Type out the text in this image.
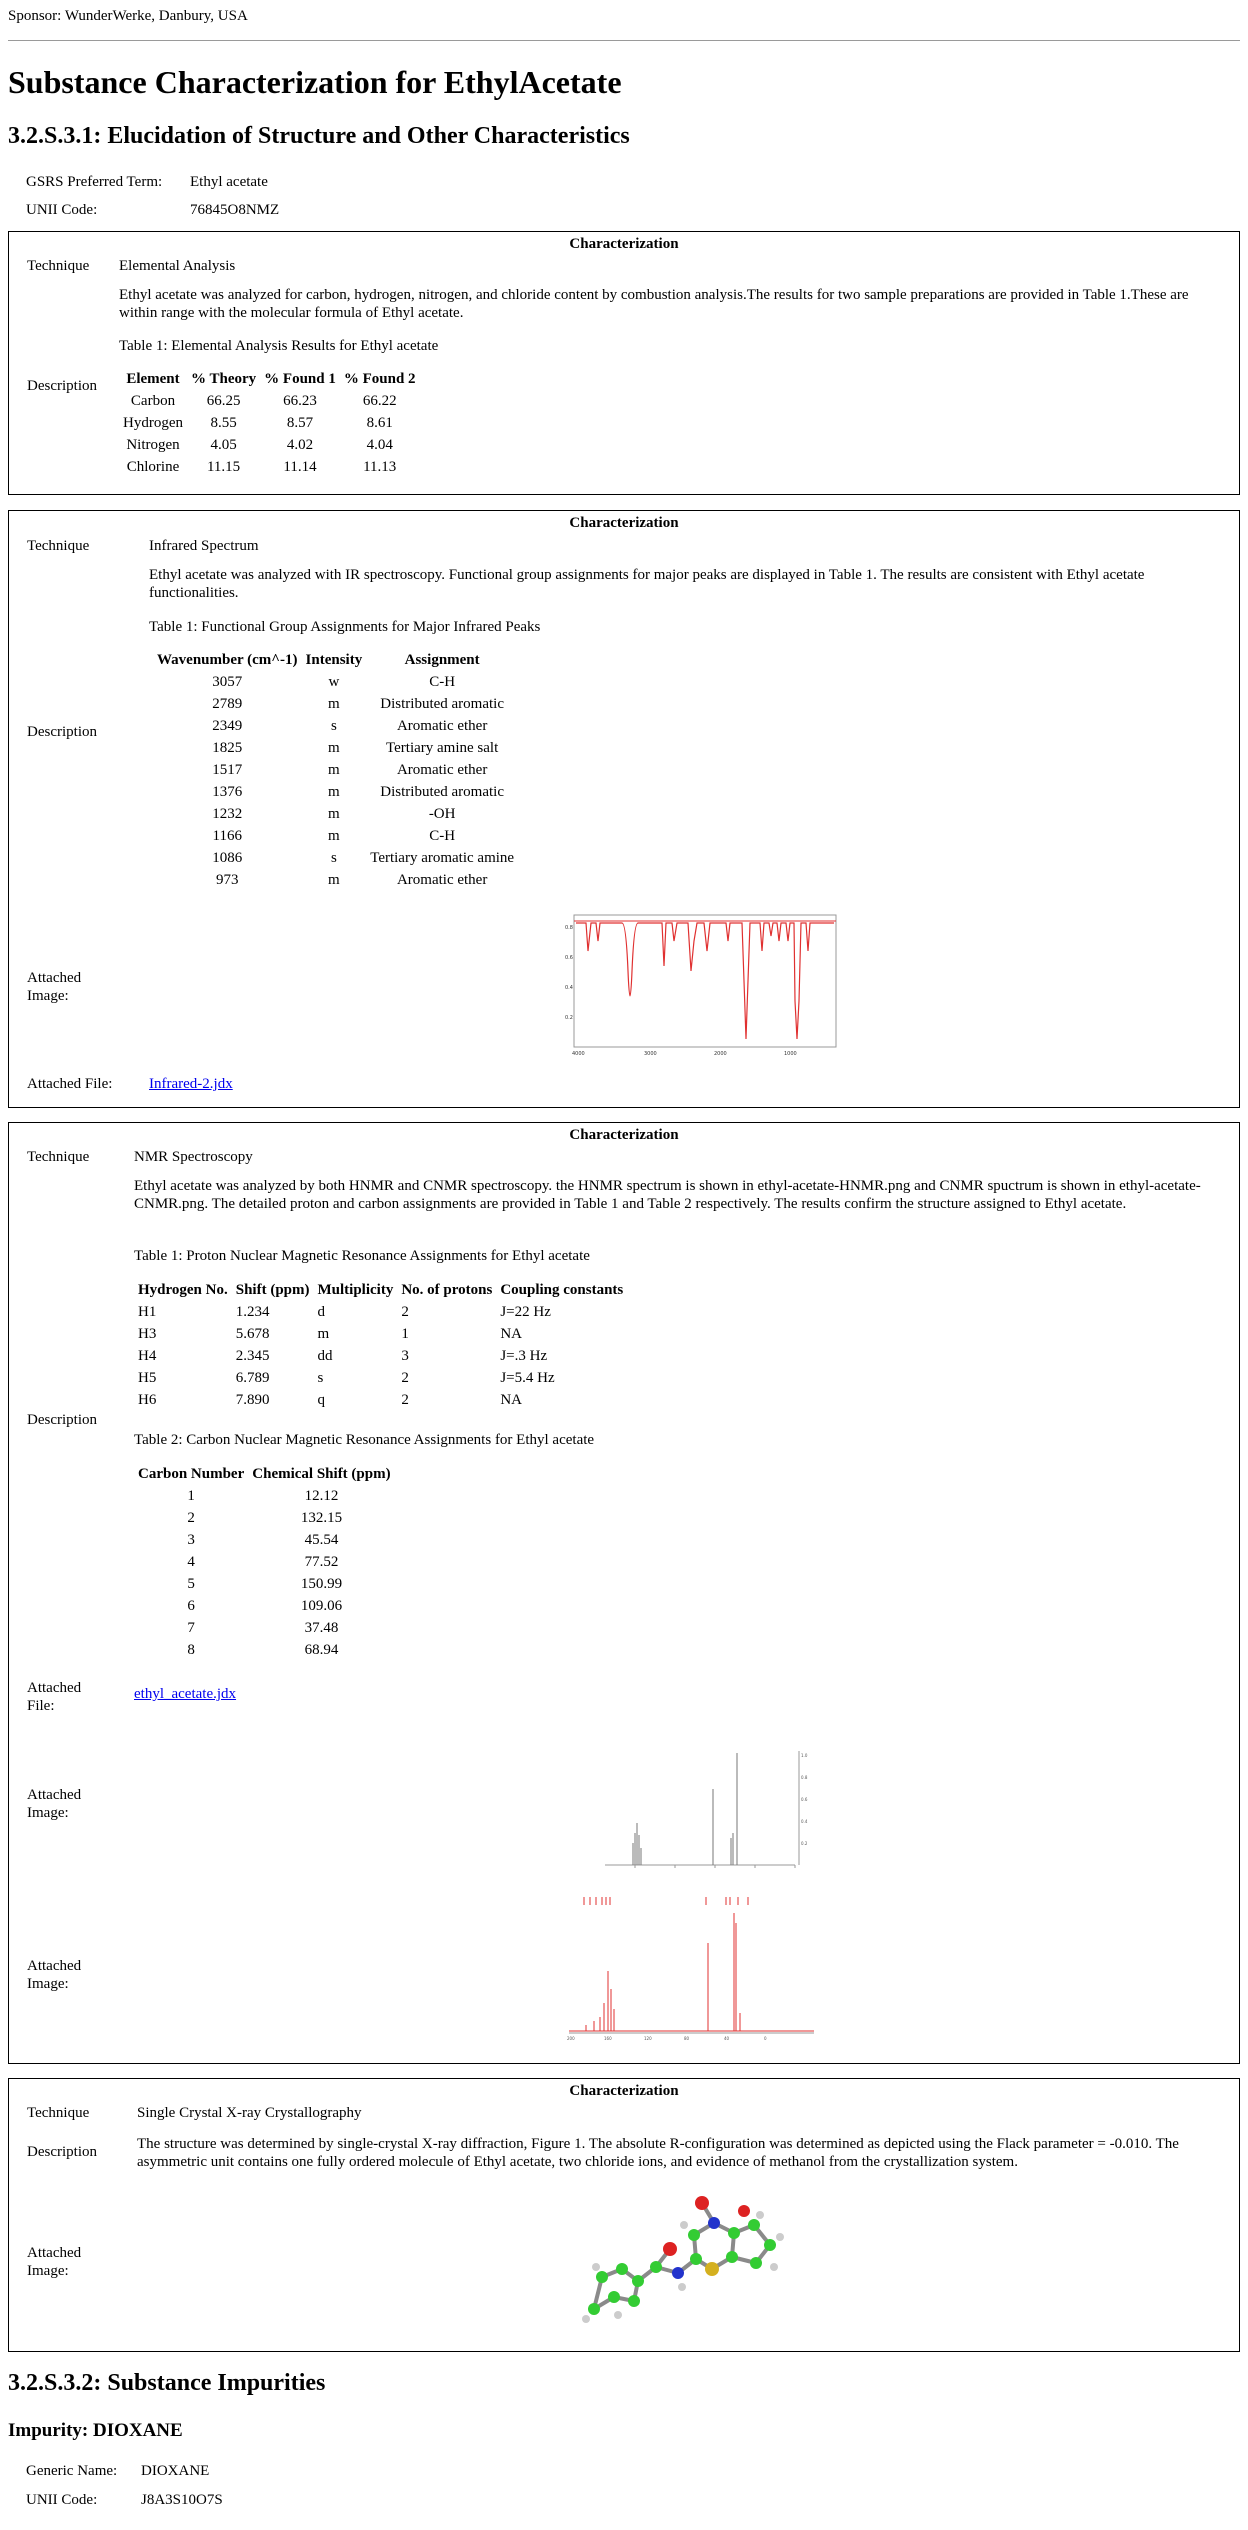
Sponsor: WunderWerke, Danbury, USA
Substance Characterization for EthylAcetate
3.2.S.3.1: Elucidation of Structure and Other Characteristics
GSRS Preferred Term: Ethyl acetate
UNII Code:	76845O8NMZ
Characterization
Technique Elemental Analysis
Ethyl acetate was analyzed for carbon, hydrogen, nitrogen, and chloride content by combustion analysis.The results for two sample preparations are provided in Table 1.These are within range with the molecular formula of Ethyl acetate.
Table 1: Elemental Analysis Results for Ethyl acetate
Description Element	% Theory	% Found 1	% Found 2
Carbon	66.25	66.23	66.22
Hydrogen	8.55	8.57	8.61
Nitrogen	4.05	4.02	4.04
Chlorine	11.15	11.14	11.13
Characterization
Technique	Infrared Spectrum
Ethyl acetate was analyzed with IR spectroscopy. Functional group assignments for major peaks are displayed in Table 1. The results are consistent with Ethyl acetate functionalities.
Table 1: Functional Group Assignments for Major Infrared Peaks
Description
Wavenumber (cm^-1)	Intensity	Assignment
3057	w	C-H
2789	m	Distributed aromatic
2349	s	Aromatic ether
1825	m	Tertiary amine salt
1517	m	Aromatic ether
1376	m	Distributed aromatic
1232	m	-OH
1166	m	C-H
1086	s	Tertiary aromatic amine
973	m	Aromatic ether
Attached Image:
0.8
0.6
0.4
0.2
4000	3000	2000	1000
Attached File: Infrared-2.jdx
Characterization
Technique	NMR Spectroscopy
Ethyl acetate was analyzed by both HNMR and CNMR spectroscopy. the HNMR spectrum is shown in ethyl-acetate-HNMR.png and CNMR spuctrum is shown in ethyl-acetate-CNMR.png. The detailed proton and carbon assignments are provided in Table 1 and Table 2 respectively. The results confirm the structure assigned to Ethyl acetate.
Table 1: Proton Nuclear Magnetic Resonance Assignments for Ethyl acetate
Hydrogen No.	Shift (ppm)	Multiplicity	No. of protons	Coupling constants
H1	1.234	d	2	J=22 Hz
H3	5.678	m	1	NA
H4	2.345	dd	3	J=.3 Hz
H5	6.789	s	2	J=5.4 Hz
H6	7.890	q	2	NA
Description
Table 2: Carbon Nuclear Magnetic Resonance Assignments for Ethyl acetate
Carbon Number	Chemical Shift (ppm)
1	12.12
2	132.15
3	45.54
4	77.52
5	150.99
6	109.06
7	37.48
8	68.94
Attached File:
ethyl_acetate.jdx
Attached Image:
1.0
0.8
0.6
0.4
0.2
Attached Image:
200	160	120	80	40	0
Characterization
Technique	Single Crystal X-ray Crystallography
Description	The structure was determined by single-crystal X-ray diffraction, Figure 1. The absolute R-configuration was determined as depicted using the Flack parameter = -0.010. The asymmetric unit contains one fully ordered molecule of Ethyl acetate, two chloride ions, and evidence of methanol from the crystallization system.
Attached Image:
3.2.S.3.2: Substance Impurities
Impurity: DIOXANE
Generic Name: DIOXANE
UNII Code:	J8A3S10O7S
